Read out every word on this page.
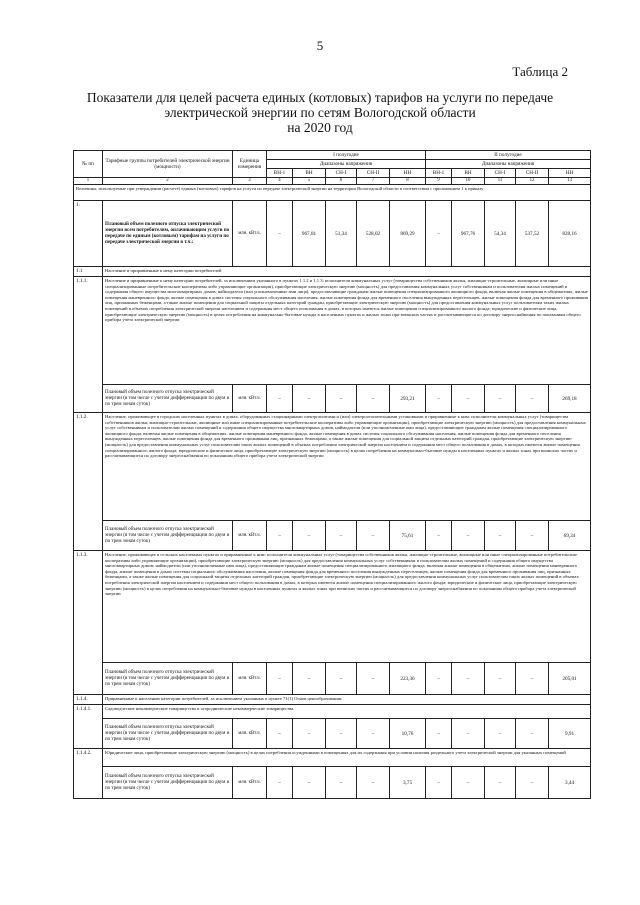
5
Таблица 2
Показатели для целей расчета единых (котловых) тарифов на услуги по передаче
электрической энергии по сетям Вологодской области
на 2020 год
№ пп	Тарифные группы потребителей электрической энергии (мощности)	Единица измерения	I полугодие					II полугодие				
			Диапазоны напряжения					Диапазоны напряжения				
			ВН-1	ВН	СН-I	СН-II	НН	ВН-1	ВН	СН-I	СН-II	НН
1	2	3	4	5	6	7	8	9	10	11	12	13
Величины, используемые при утверждении (расчете) единых (котловых) тарифов на услуги по передаче электрической энергии на территории Вологодской области в соответствии с приложением 1 к приказу												
1.	Плановый объем полезного отпуска электрической энергии всем потребителям, оплачивающим услуги по передаче по единым (котловым) тарифам на услуги по передаче электрической энергии в т.ч.:	млн. кВт.ч.	–	967,81	51,34	528,02	869,29	–	967,76	54,34	537,52	820,16
1.1	Население и приравненные к нему категории потребителей											
1.1.1.	Население и приравненные к нему категории потребителей, за исключением указанного в пунктах 1.1.2 и 1.1.3: исполнители коммунальных услуг (товарищества собственников жилья, жилищно-строительные, жилищные или иные специализированные потребительские кооперативы либо управляющие организации), приобретающие электрическую энергию (мощность) для предоставления коммунальных услуг собственникам и пользователям жилых помещений и содержания общего имущества многоквартирных домов; наймодатели (или уполномоченные ими лица), предоставляющие гражданам жилые помещения специализированного жилищного фонда, включая жилые помещения в общежитиях, жилые помещения маневренного фонда, жилые помещения в домах системы социального обслуживания населения, жилые помещения фонда для временного поселения вынужденных переселенцев, жилые помещения фонда для временного проживания лиц, признанных беженцами, а также жилые помещения для социальной защиты отдельных категорий граждан, приобретающие электрическую энергию (мощность) для предоставления коммунальных услуг пользователям таких жилых помещений в объемах потребления электрической энергии населением и содержания мест общего пользования в домах, в которых имеются жилые помещения специализированного жилого фонда; юридические и физические лица, приобретающие электрическую энергию (мощность) в целях потребления на коммунально-бытовые нужды в населенных пунктах и жилых зонах при воинских частях и рассчитывающиеся по договору энергоснабжения по показаниям общего прибора учета электрической энергии											
	Плановый объем полезного отпуска электрической энергии (в том числе с учетом дифференциации по двум и по трем зонам суток)	млн. кВт.ч.	–	–	–	–	293,21	–	–	–	–	269,18
1.1.2.	Население, проживающее в городских населенных пунктах в домах, оборудованных стационарными электроплитами и (или) электроотопительными установками и приравненные к ним: исполнители коммунальных услуг (товарищества собственников жилья, жилищно-строительные, жилищные или иные специализированные потребительские кооперативы либо управляющие организации), приобретающие электрическую энергию (мощность) для предоставления коммунальных услуг собственникам и пользователям жилых помещений и содержания общего имущества многоквартирных домов, наймодатели (или уполномоченные ими лица), предоставляющие гражданам жилые помещения специализированного жилищного фонда, включая жилые помещения в общежитиях, жилые помещения маневренного фонда, жилые помещения в домах системы социального обслуживания населения, жилые помещения фонда для временного поселения вынужденных переселенцев, жилые помещения фонда для временного проживания лиц, признанных беженцами, а также жилые помещения для социальной защиты отдельных категорий граждан, приобретающие электрическую энергию (мощность) для предоставления коммунальных услуг пользователям таких жилых помещений в объемах потребления электрической энергии населением и содержания мест общего пользования в домах, в которых имеются жилые помещения специализированного жилого фонда; юридические и физические лица, приобретающие электрическую энергию (мощность) в целях потребления на коммунально-бытовые нужды в населенных пунктах и жилых зонах при воинских частях и рассчитывающиеся по договору энергоснабжения по показаниям общего прибора учета электрической энергии											
	Плановый объем полезного отпуска электрической энергии (в том числе с учетом дифференциации по двум и по трем зонам суток)	млн. кВт.ч.	–	–	–	–	75,61	–	–	–	–	69,34
1.1.3.	Население, проживающее в сельских населенных пунктах и приравненные к ним: исполнители коммунальных услуг (товарищества собственников жилья, жилищно-строительные, жилищные или иные специализированные потребительские кооперативы либо управляющие организации), приобретающие электрическую энергию (мощность) для предоставления коммунальных услуг собственникам и пользователям жилых помещений и содержания общего имущества многоквартирных домов; наймодатели (или уполномоченные ими лица), предоставляющие гражданам жилые помещения специализированного жилищного фонда, включая жилые помещения в общежитиях, жилые помещения маневренного фонда, жилые помещения в домах системы социального обслуживания населения, жилые помещения фонда для временного поселения вынужденных переселенцев, жилые помещения фонда для временного проживания лиц, признанных беженцами, а также жилые помещения для социальной защиты отдельных категорий граждан, приобретающие электрическую энергию (мощность) для предоставления коммунальных услуг пользователям таких жилых помещений в объемах потребления электрической энергии населением и содержания мест общего пользования в домах, в которых имеются жилые помещения специализированного жилого фонда; юридические и физические лица, приобретающие электрическую энергию (мощность) в целях потребления на коммунально-бытовые нужды в населенных пунктах и жилых зонах при воинских частях и рассчитывающиеся по договору энергоснабжения по показаниям общего прибора учета электрической энергии											
	Плановый объем полезного отпуска электрической энергии (в том числе с учетом дифференциации по двум и по трем зонам суток)	млн. кВт.ч.	–	–	–	–	223,36	–	–	–	–	205,01
1.1.4.	Приравненные к населению категории потребителей, за исключением указанных в пункте 71(1) Основ ценообразования:											
1.1.4.1.	Садоводческие некоммерческие товарищества и огороднические некоммерческие товарищества.											
	Плановый объем полезного отпуска электрической энергии (в том числе с учетом дифференциации по двум и по трем зонам суток)	млн. кВт.ч.	–	–	–	–	10,76	–	–	–	–	9,91
1.1.4.2.	Юридические лица, приобретающие электрическую энергию (мощность) в целях потребления осужденными в помещениях для их содержания при условии наличия раздельного учета электрической энергии для указанных помещений											
	Плановый объем полезного отпуска электрической энергии (в том числе с учетом дифференциации по двум и по трем зонам суток)	млн. кВт.ч.	–	–	–	–	3,75	–	–	–	–	3,44
